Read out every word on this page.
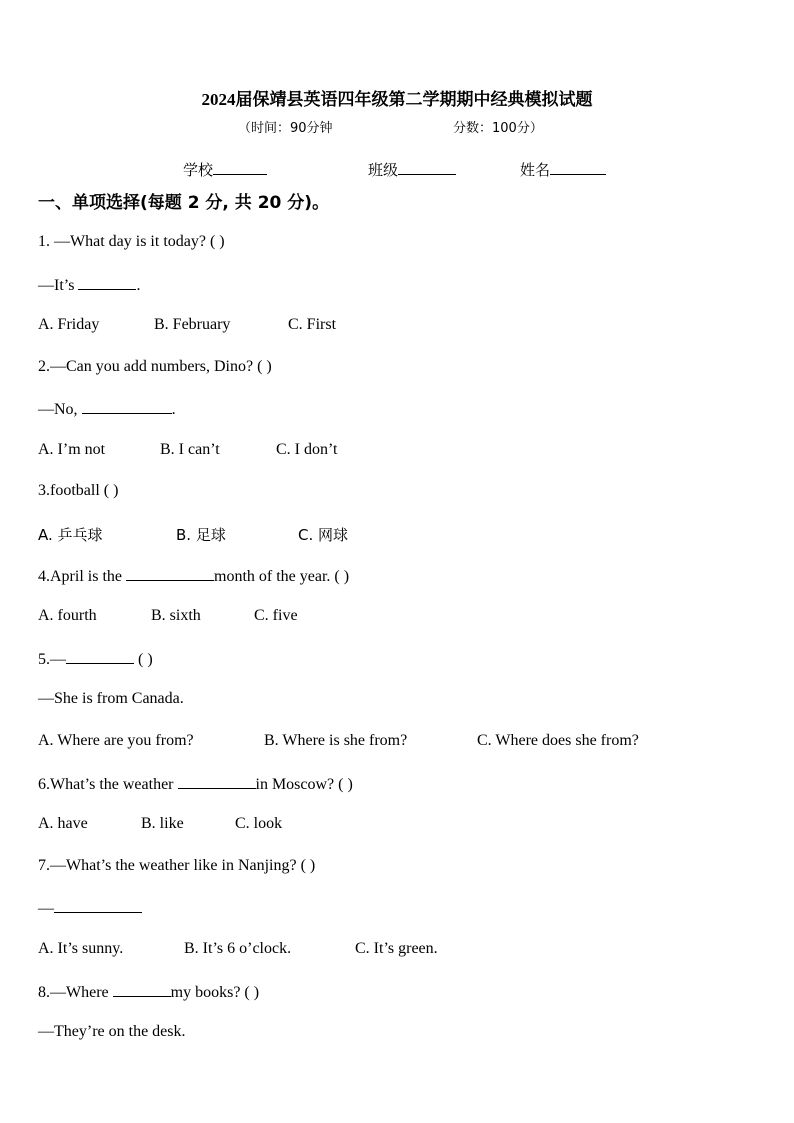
2024届保靖县英语四年级第二学期期中经典模拟试题
（时间：90分钟	分数：100分）
学校	班级	姓名
一、单项选择(每题 2 分, 共 20 分)。
1. —What day is it today? ( )
—It’s	.
A. Friday	B. February	C. First
2.—Can you add numbers, Dino? ( )
—No,	.
A. I’m not	B. I can’t	C. I don’t
3.football ( )
A. 乒乓球	B. 足球	C. 网球
4.April is the	month of the year. ( )
A. fourth	B. sixth	C. five
5.—	( )
—She is from Canada.
A. Where are you from?	B. Where is she from?	C. Where does she from?
6.What’s the weather	in Moscow? ( )
A. have	B. like	C. look
7.—What’s the weather like in Nanjing? ( )
—
A. It’s sunny.	B. It’s 6 o’clock.	C. It’s green.
8.—Where	my books? ( )
—They’re on the desk.
